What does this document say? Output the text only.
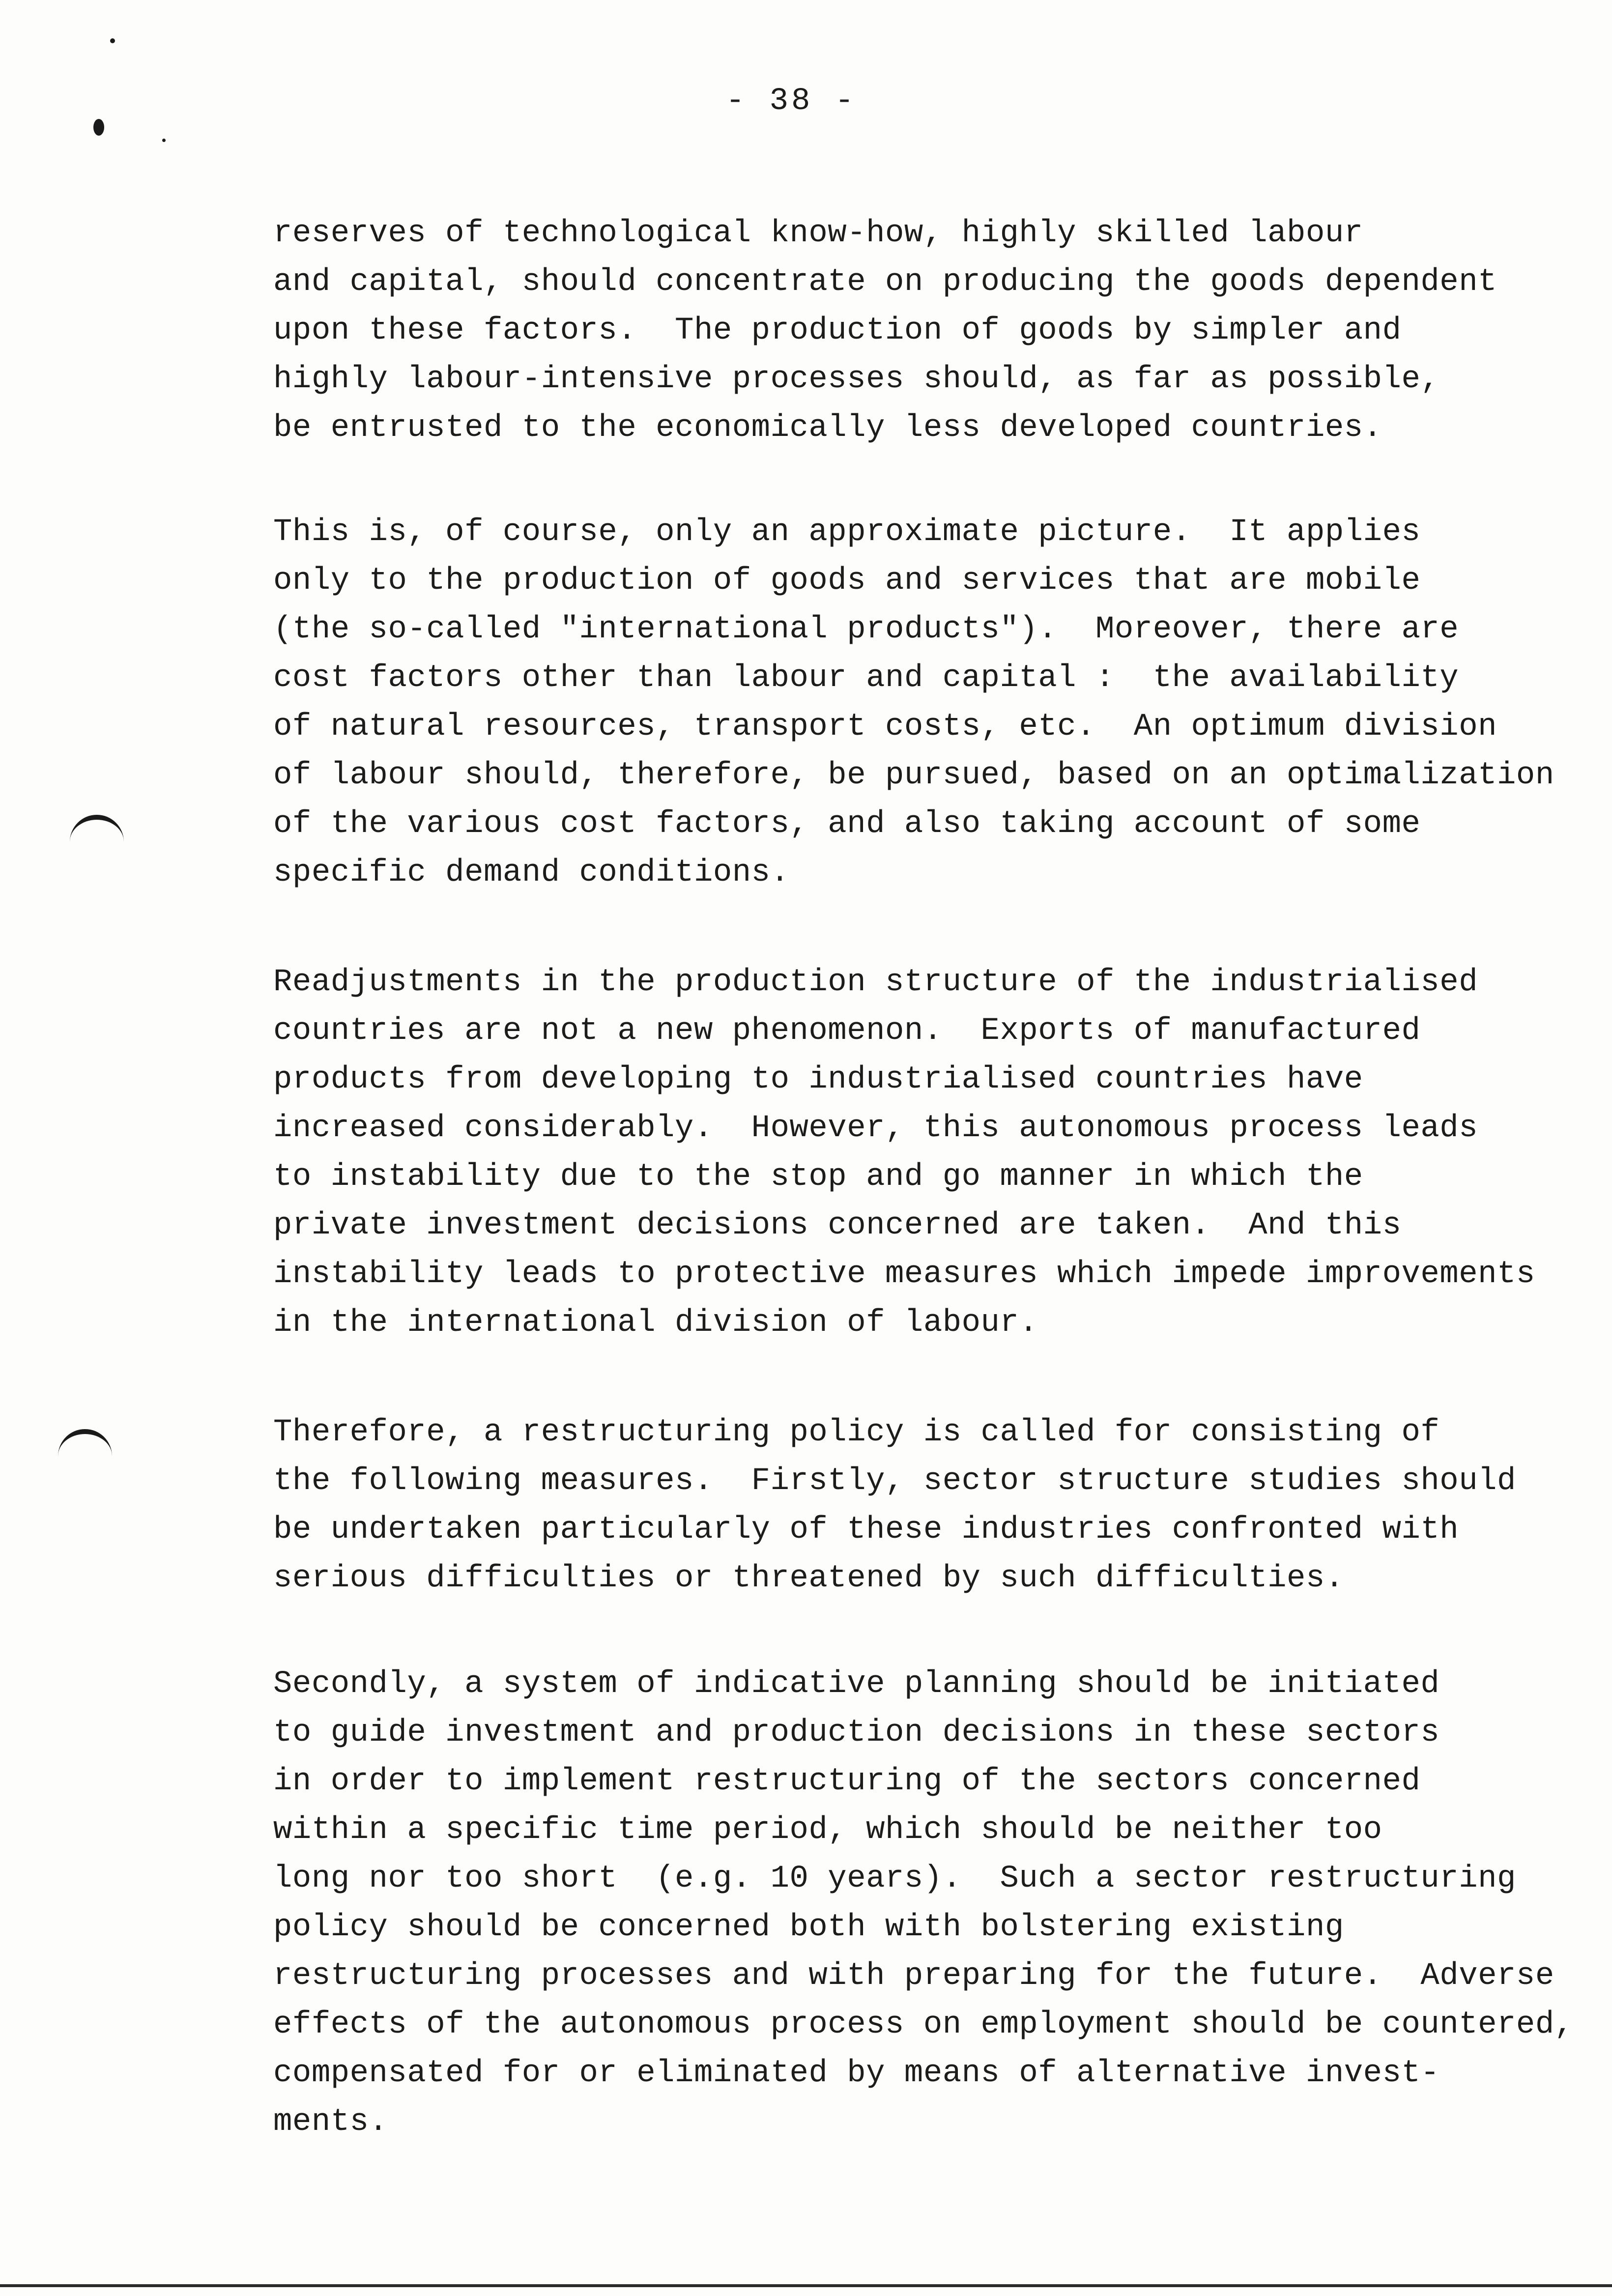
- 38 -
reserves of technological know-how, highly skilled labour
and capital, should concentrate on producing the goods dependent
upon these factors.  The production of goods by simpler and
highly labour-intensive processes should, as far as possible,
be entrusted to the economically less developed countries.
This is, of course, only an approximate picture.  It applies
only to the production of goods and services that are mobile
(the so-called "international products").  Moreover, there are
cost factors other than labour and capital :  the availability
of natural resources, transport costs, etc.  An optimum division
of labour should, therefore, be pursued, based on an optimalization
of the various cost factors, and also taking account of some
specific demand conditions.
Readjustments in the production structure of the industrialised
countries are not a new phenomenon.  Exports of manufactured
products from developing to industrialised countries have
increased considerably.  However, this autonomous process leads
to instability due to the stop and go manner in which the
private investment decisions concerned are taken.  And this
instability leads to protective measures which impede improvements
in the international division of labour.
Therefore, a restructuring policy is called for consisting of
the following measures.  Firstly, sector structure studies should
be undertaken particularly of these industries confronted with
serious difficulties or threatened by such difficulties.
Secondly, a system of indicative planning should be initiated
to guide investment and production decisions in these sectors
in order to implement restructuring of the sectors concerned
within a specific time period, which should be neither too
long nor too short  (e.g. 10 years).  Such a sector restructuring
policy should be concerned both with bolstering existing
restructuring processes and with preparing for the future.  Adverse
effects of the autonomous process on employment should be countered,
compensated for or eliminated by means of alternative invest-
ments.
